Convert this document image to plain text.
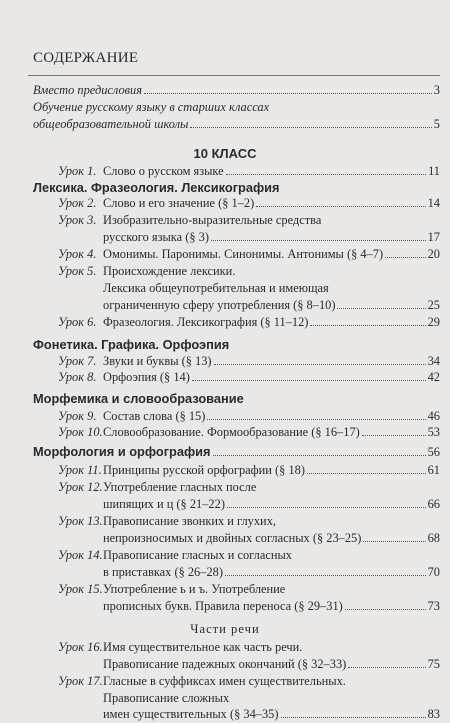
СОДЕРЖАНИЕ
Вместо предисловия	3
Обучение русскому языку в старших классах
общеобразовательной школы	5
10 КЛАСС
Урок 1. Слово о русском языке	11
Лексика. Фразеология. Лексикография
Урок 2. Слово и его значение (§ 1–2)	14
Урок 3. Изобразительно-выразительные средства
русского языка (§ 3)	17
Урок 4. Омонимы. Паронимы. Синонимы. Антонимы (§ 4–7)	20
Урок 5. Происхождение лексики.
Лексика общеупотребительная и имеющая
ограниченную сферу употребления (§ 8–10)	25
Урок 6. Фразеология. Лексикография (§ 11–12)	29
Фонетика. Графика. Орфоэпия
Урок 7. Звуки и буквы (§ 13)	34
Урок 8. Орфоэпия (§ 14)	42
Морфемика и словообразование
Урок 9. Состав слова (§ 15)	46
Урок 10. Словообразование. Формообразование (§ 16–17)	53
Морфология и орфография	56
Урок 11. Принципы русской орфографии (§ 18)	61
Урок 12. Употребление гласных после
шипящих и ц (§ 21–22)	66
Урок 13. Правописание звонких и глухих,
непроизносимых и двойных согласных (§ 23–25)	68
Урок 14. Правописание гласных и согласных
в приставках (§ 26–28)	70
Урок 15. Употребление ь и ъ. Употребление
прописных букв. Правила переноса (§ 29–31)	73
Части речи
Урок 16. Имя существительное как часть речи.
Правописание падежных окончаний (§ 32–33)	75
Урок 17. Гласные в суффиксах имен существительных.
Правописание сложных
имен существительных (§ 34–35)	83
